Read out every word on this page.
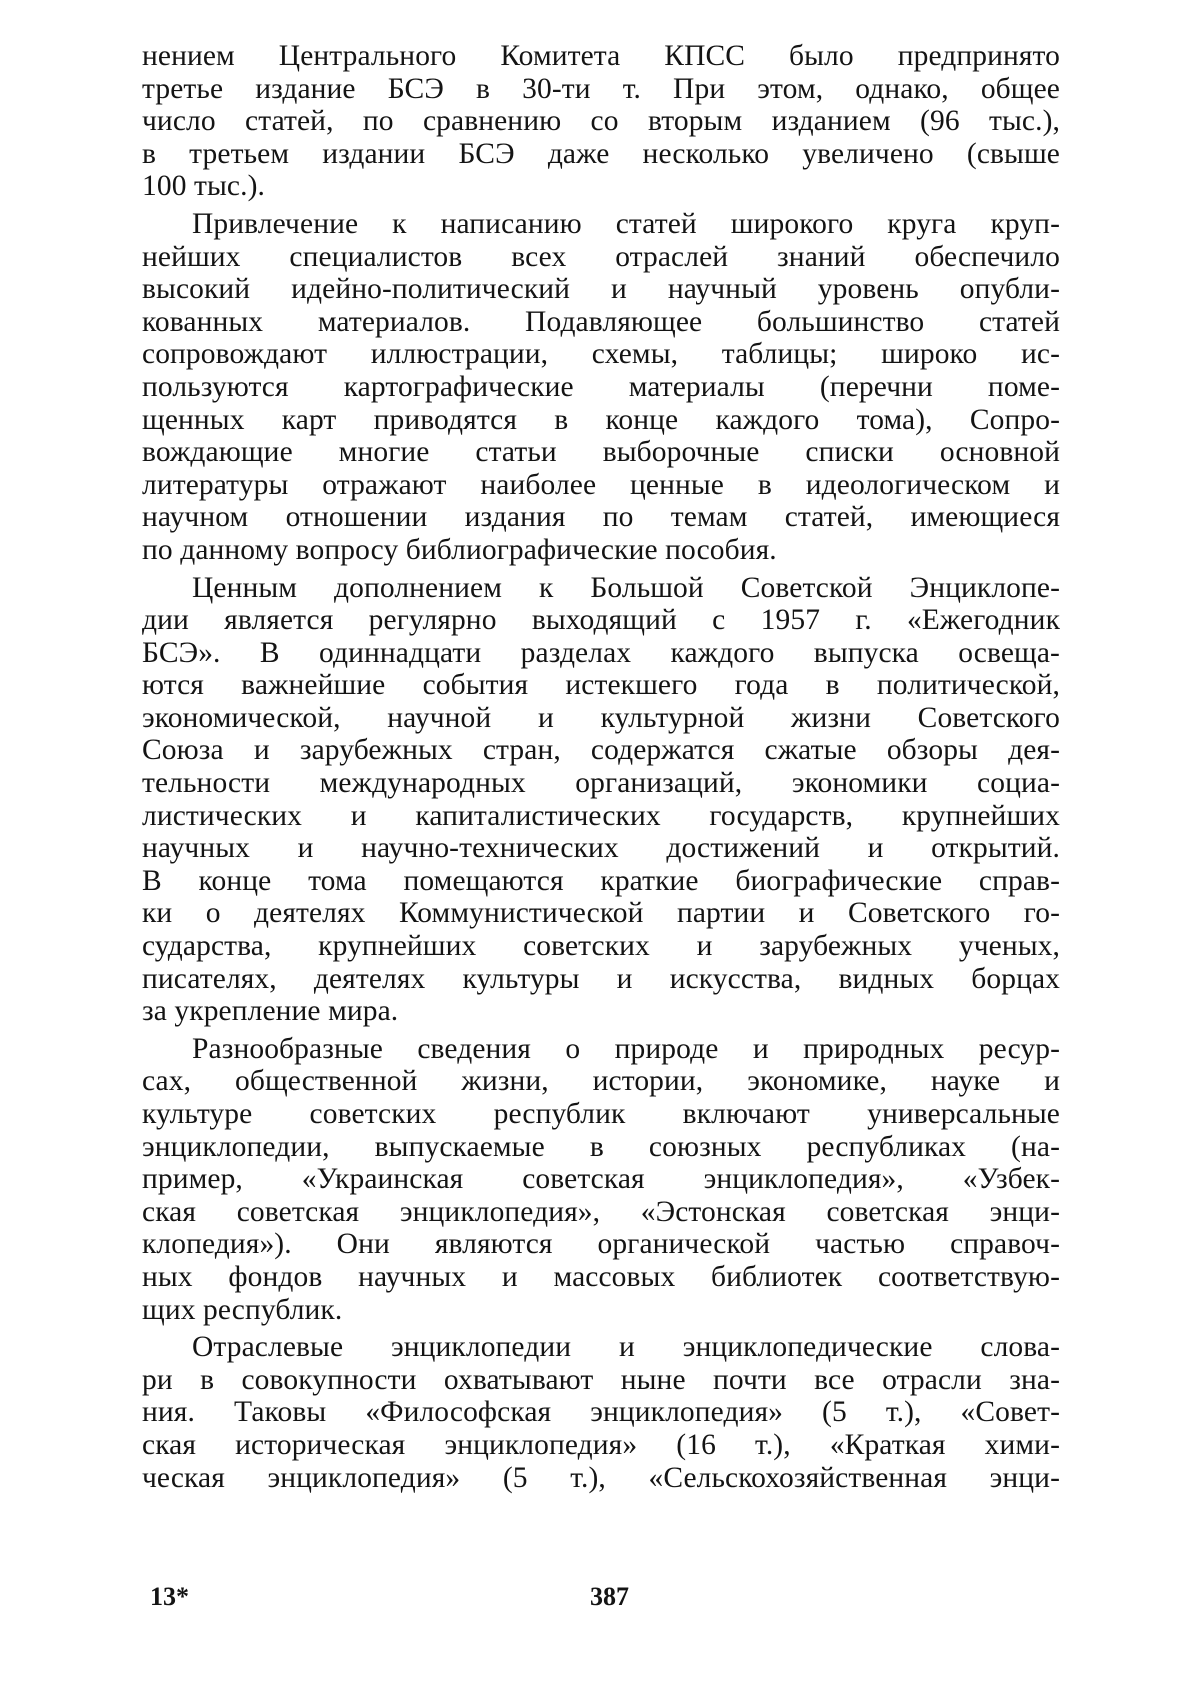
нением Центрального Комитета КПСС было предпринято
третье издание БСЭ в 30-ти т. При этом, однако, общее
число статей, по сравнению со вторым изданием (96 тыс.),
в третьем издании БСЭ даже несколько увеличено (свыше
100 тыс.).
Привлечение к написанию статей широкого круга круп-
нейших специалистов всех отраслей знаний обеспечило
высокий идейно-политический и научный уровень опубли-
кованных материалов. Подавляющее большинство статей
сопровождают иллюстрации, схемы, таблицы; широко ис-
пользуются картографические материалы (перечни поме-
щенных карт приводятся в конце каждого тома), Сопро-
вождающие многие статьи выборочные списки основной
литературы отражают наиболее ценные в идеологическом и
научном отношении издания по темам статей, имеющиеся
по данному вопросу библиографические пособия.
Ценным дополнением к Большой Советской Энциклопе-
дии является регулярно выходящий с 1957 г. «Ежегодник
БСЭ». В одиннадцати разделах каждого выпуска освеща-
ются важнейшие события истекшего года в политической,
экономической, научной и культурной жизни Советского
Союза и зарубежных стран, содержатся сжатые обзоры дея-
тельности международных организаций, экономики социа-
листических и капиталистических государств, крупнейших
научных и научно-технических достижений и открытий.
В конце тома помещаются краткие биографические справ-
ки о деятелях Коммунистической партии и Советского го-
сударства, крупнейших советских и зарубежных ученых,
писателях, деятелях культуры и искусства, видных борцах
за укрепление мира.
Разнообразные сведения о природе и природных ресур-
сах, общественной жизни, истории, экономике, науке и
культуре советских республик включают универсальные
энциклопедии, выпускаемые в союзных республиках (на-
пример, «Украинская советская энциклопедия», «Узбек-
ская советская энциклопедия», «Эстонская советская энци-
клопедия»). Они являются органической частью справоч-
ных фондов научных и массовых библиотек соответствую-
щих республик.
Отраслевые энциклопедии и энциклопедические слова-
ри в совокупности охватывают ныне почти все отрасли зна-
ния. Таковы «Философская энциклопедия» (5 т.), «Совет-
ская историческая энциклопедия» (16 т.), «Краткая хими-
ческая энциклопедия» (5 т.), «Сельскохозяйственная энци-
13*	387
